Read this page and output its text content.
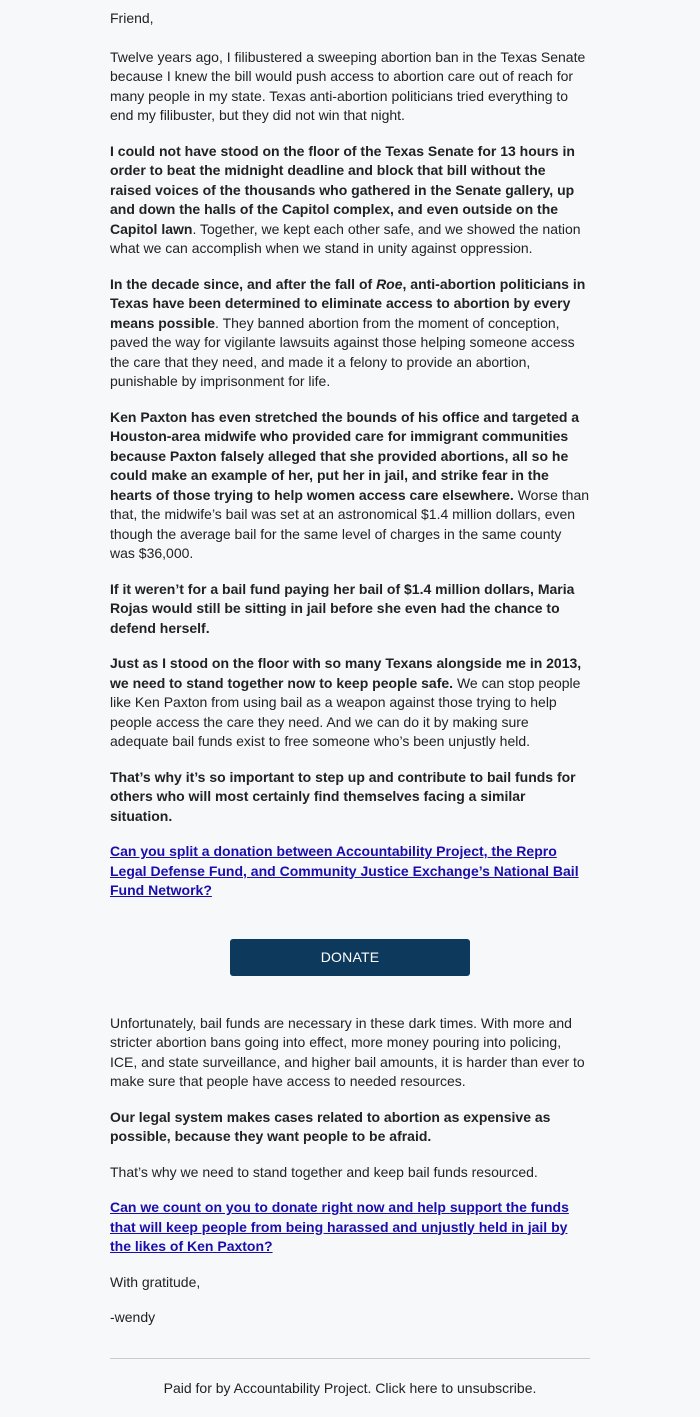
Friend,

Twelve years ago, I filibustered a sweeping abortion ban in the Texas Senate because I knew the bill would push access to abortion care out of reach for many people in my state. Texas anti-abortion politicians tried everything to end my filibuster, but they did not win that night.

I could not have stood on the floor of the Texas Senate for 13 hours in order to beat the midnight deadline and block that bill without the raised voices of the thousands who gathered in the Senate gallery, up and down the halls of the Capitol complex, and even outside on the Capitol lawn. Together, we kept each other safe, and we showed the nation what we can accomplish when we stand in unity against oppression.

In the decade since, and after the fall of Roe, anti-abortion politicians in Texas have been determined to eliminate access to abortion by every means possible. They banned abortion from the moment of conception, paved the way for vigilante lawsuits against those helping someone access the care that they need, and made it a felony to provide an abortion, punishable by imprisonment for life.

Ken Paxton has even stretched the bounds of his office and targeted a Houston-area midwife who provided care for immigrant communities because Paxton falsely alleged that she provided abortions, all so he could make an example of her, put her in jail, and strike fear in the hearts of those trying to help women access care elsewhere. Worse than that, the midwife’s bail was set at an astronomical $1.4 million dollars, even though the average bail for the same level of charges in the same county was $36,000.

If it weren’t for a bail fund paying her bail of $1.4 million dollars, Maria Rojas would still be sitting in jail before she even had the chance to defend herself.

Just as I stood on the floor with so many Texans alongside me in 2013, we need to stand together now to keep people safe. We can stop people like Ken Paxton from using bail as a weapon against those trying to help people access the care they need. And we can do it by making sure adequate bail funds exist to free someone who’s been unjustly held.

That’s why it’s so important to step up and contribute to bail funds for others who will most certainly find themselves facing a similar situation.

Can you split a donation between Accountability Project, the Repro Legal Defense Fund, and Community Justice Exchange’s National Bail Fund Network?

DONATE

Unfortunately, bail funds are necessary in these dark times. With more and stricter abortion bans going into effect, more money pouring into policing, ICE, and state surveillance, and higher bail amounts, it is harder than ever to make sure that people have access to needed resources.

Our legal system makes cases related to abortion as expensive as possible, because they want people to be afraid.

That’s why we need to stand together and keep bail funds resourced.

Can we count on you to donate right now and help support the funds that will keep people from being harassed and unjustly held in jail by the likes of Ken Paxton?

With gratitude,

-wendy

Paid for by Accountability Project. Click here to unsubscribe.
